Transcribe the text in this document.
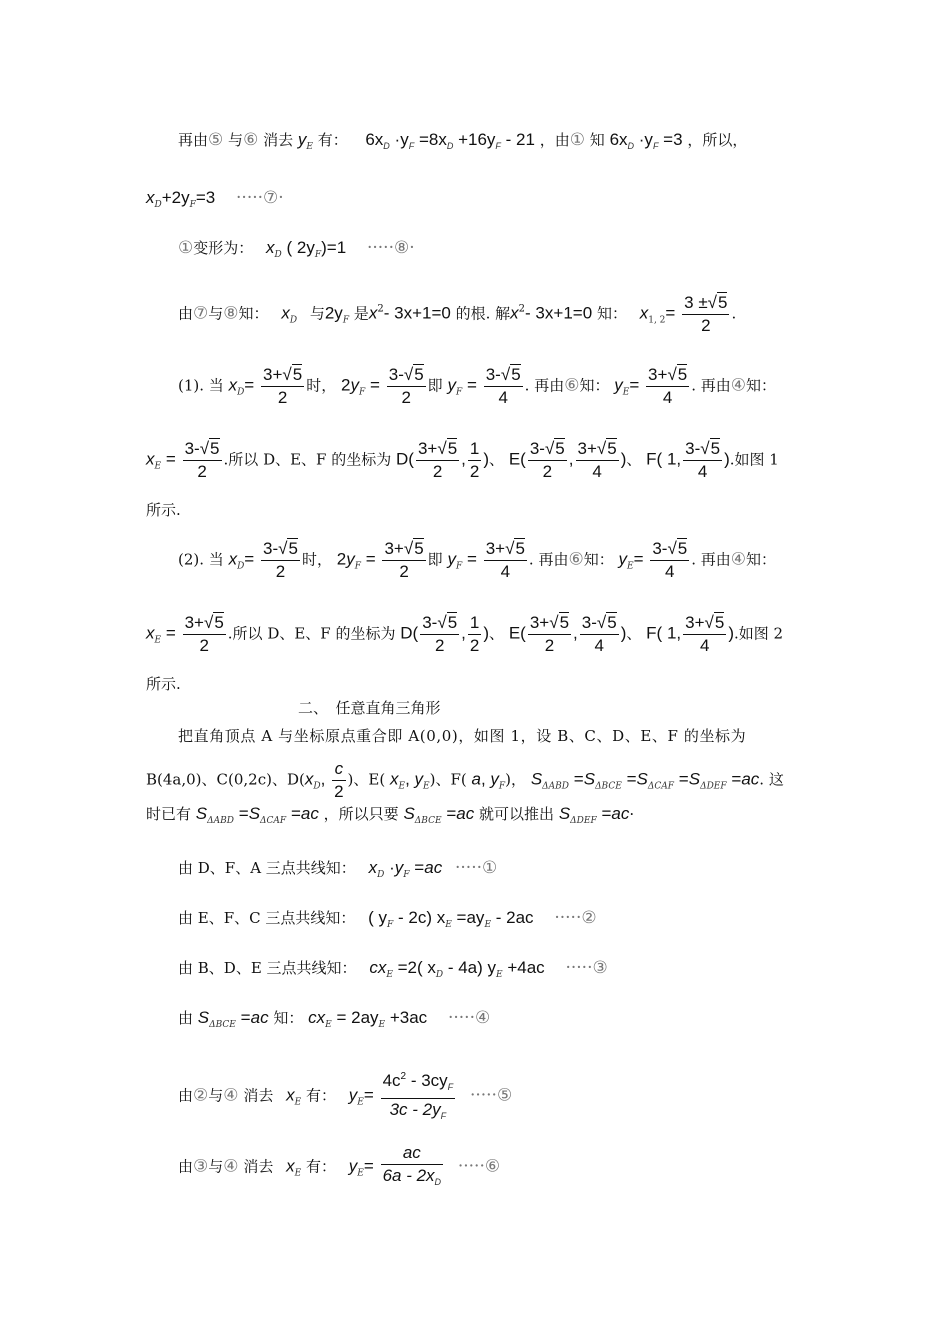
再由⑤ 与⑥ 消去 $y_E$ 有： $6x_D \cdot y_F =8x_D +16y_F - 21$ ，由① 知 $6x_D \cdot y_F =3$ ，所以，
$x_D+2y_F=3$ ·····⑦·
①变形为： $x_D$ ( $2y_F)=1$ ·····⑧·
由⑦与⑧知： $x_D$ 与$2y_F$ 是$x^2-$ 3x+1=0 的根. 解$x^2-$ 3x+1=0 知： $x_{1, 2}= \frac{3 \pm√5}{2}$ .
(1). 当 $x_D= \frac{3+√5}{2}$ 时， $2y_F = \frac{3-√5}{2}$ 即 $y_F = \frac{3-√5}{4}$ . 再由⑥知： $y_E= \frac{3+√5}{4}$ . 再由④知：
$x_E = \frac{3-√5}{2}$ .所以 D、E、F 的坐标为 $D( \frac{3+√5}{2}$ , $\frac{1}{2}$ )、 $E( \frac{3-√5}{2}$ , $\frac{3+√5}{4}$ )、 F( 1, $\frac{3-√5}{4}$ ).如图 1
所示.
(2). 当 $x_D= \frac{3-√5}{2}$ 时， $2y_F = \frac{3+√5}{2}$ 即 $y_F = \frac{3+√5}{4}$ . 再由⑥知： $y_E= \frac{3-√5}{4}$ . 再由④知：
$x_E = \frac{3+√5}{2}$ .所以 D、E、F 的坐标为 $D( \frac{3-√5}{2}$ , $\frac{1}{2}$ )、 $E( \frac{3+√5}{2}$ , $\frac{3-√5}{4}$ )、 F( 1, $\frac{3+√5}{4}$ ).如图 2
所示.
二、　任意直角三角形
把直角顶点 A 与坐标原点重合即 A(0,0)，如图 1，设 B、C、D、E、F 的坐标为
B(4a,0)、C(0,2c)、$D(x_D$, $\frac{c}{2}$ )、E( $x_E$, $y_E$)、F( a, $y_F$)， $S_{\Delta ABD} =S_{\Delta BCE} =S_{\Delta CAF} =S_{\Delta DEF} =ac$. 这
时已有 $S_{\Delta ABD} =S_{\Delta CAF} =ac$ ，所以只要 $S_{\Delta BCE} =ac$ 就可以推出 $S_{\Delta DEF} =ac\cdot$
由 D、F、A 三点共线知： $x_D \cdot y_F =ac$ ·····①
由 E、F、C 三点共线知： ( $y_F - 2c$) $x_E =ay_E - 2ac$ ·····②
由 B、D、E 三点共线知： $cx_E =2$( $x_D - 4a$) $y_E +4ac$ ·····③
由 $S_{\Delta BCE} =ac$ 知： $cx_E = 2ay_E +3ac$ ·····④
由②与④ 消去 $x_E$ 有： $y_E= \frac{4c^2 - 3cy_F}{3c - 2y_F}$ ·····⑤
由③与④ 消去 $x_E$ 有： $y_E= \frac{ac}{6a - 2x_D}$ ·····⑥
